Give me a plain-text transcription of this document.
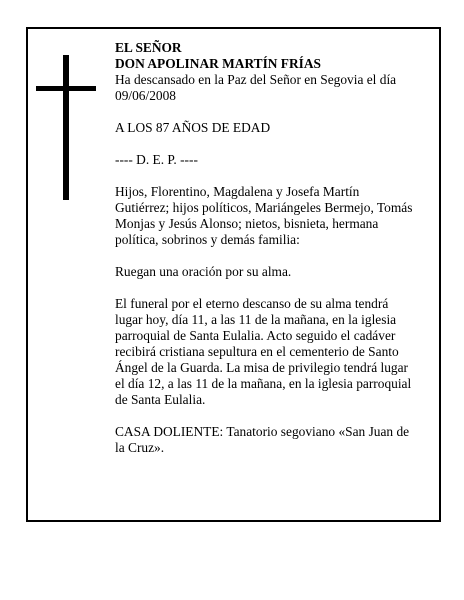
EL SEÑOR

DON APOLINAR MARTÍN FRÍAS

Ha descansado en la Paz del Señor en Segovia el día

09/06/2008

A LOS 87 AÑOS DE EDAD

---- D. E. P. ----

Hijos, Florentino, Magdalena y Josefa Martín

Gutiérrez; hijos políticos, Mariángeles Bermejo, Tomás

Monjas y Jesús Alonso; nietos, bisnieta, hermana

política, sobrinos y demás familia:

Ruegan una oración por su alma.

El funeral por el eterno descanso de su alma tendrá

lugar hoy, día 11, a las 11 de la mañana, en la iglesia

parroquial de Santa Eulalia. Acto seguido el cadáver

recibirá cristiana sepultura en el cementerio de Santo

Ángel de la Guarda. La misa de privilegio tendrá lugar

el día 12, a las 11 de la mañana, en la iglesia parroquial

de Santa Eulalia.

CASA DOLIENTE: Tanatorio segoviano «San Juan de

la Cruz».
